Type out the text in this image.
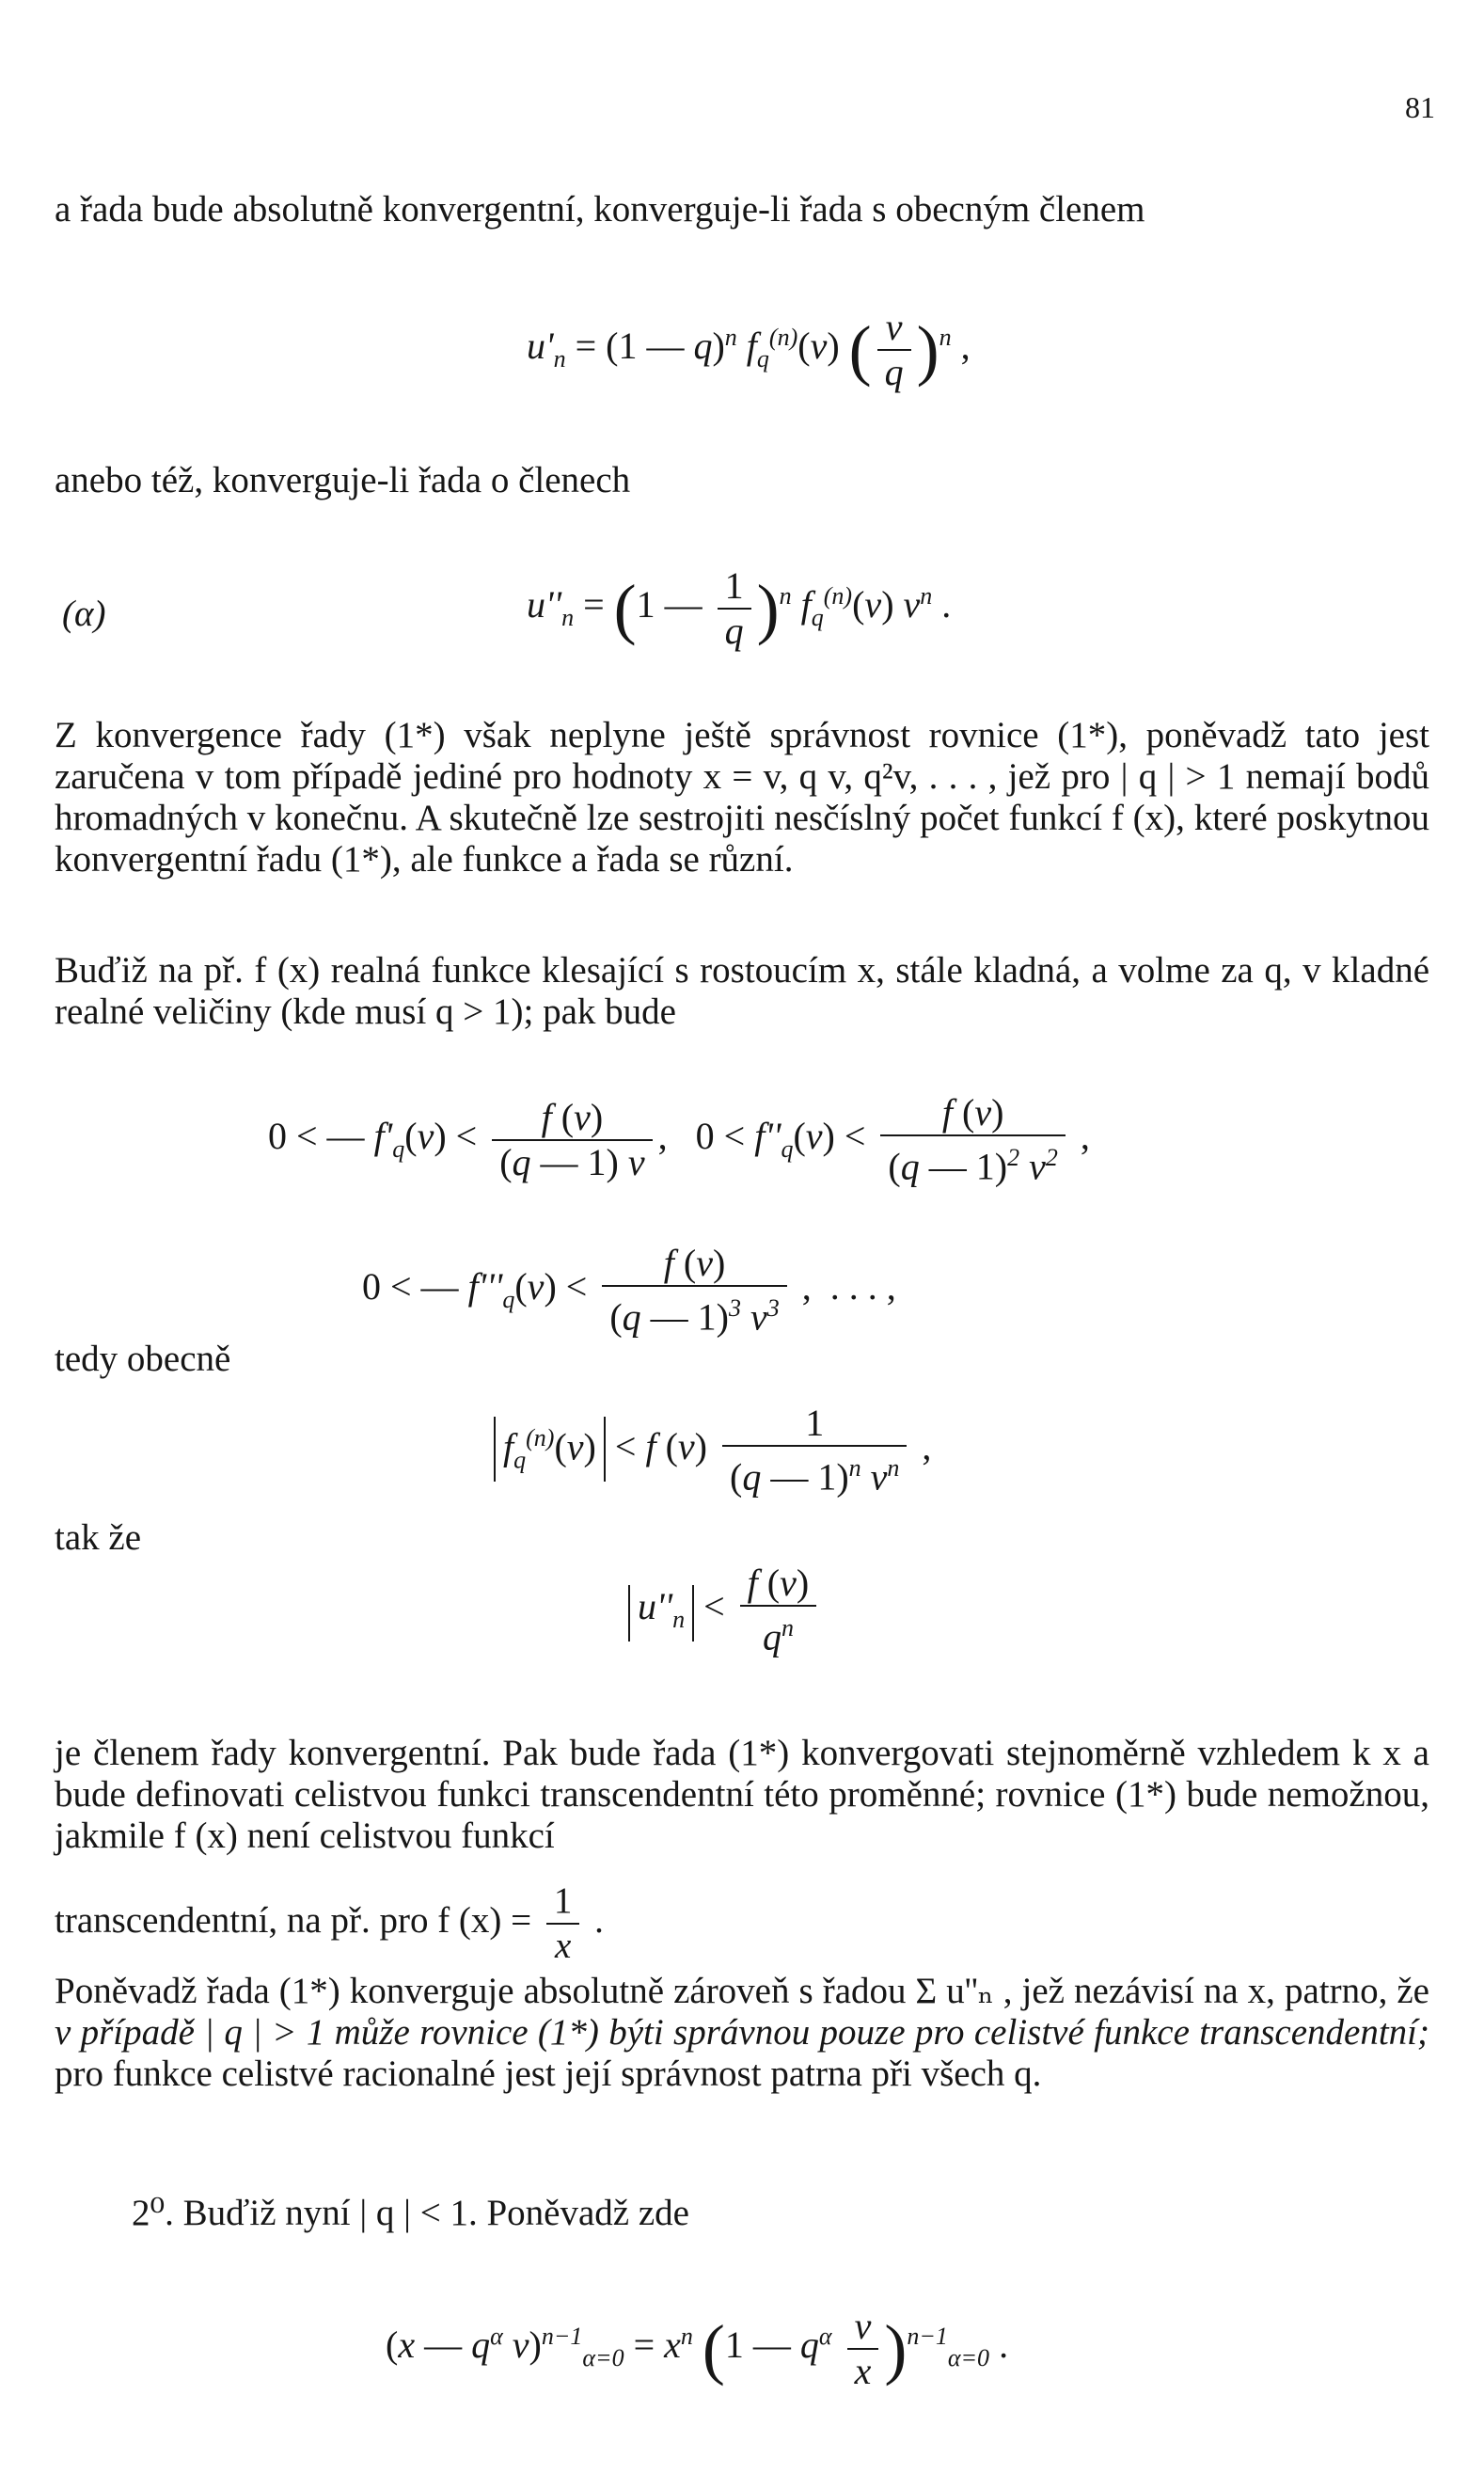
81
a řada bude absolutně konvergentní, konverguje-li řada s obecným členem
$u'_n = (1$ — q)$^n$ $f_q^{(n)}(v)$ ( $\frac{v}{q} )^n$ ,
anebo též, konverguje-li řada o členech
(α)	$u''_n = (1$ — $\frac{1}{q} )^n$ $f_q^{(n)}(v)$ $v^n$ .
Z konvergence řady (1*) však neplyne ještě správnost rovnice (1*), poněvadž tato jest zaručena v tom případě jediné pro hodnoty x = v, q v, q²v, . . . , jež pro | q | > 1 nemají bodů hromadných v konečnu. A skutečně lze sestrojiti nesčíslný počet funkcí f (x), které poskytnou konvergentní řadu (1*), ale funkce a řada se různí.
Buďiž na př. f (x) realná funkce klesající s rostoucím x, stále kladná, a volme za q, v kladné realné veličiny (kde musí q > 1); pak bude
0 < — $f'_q(v) < \frac{f (v)}{(q — 1) v}$ ,   $0 < f''_q(v) < \frac{f (v)}{(q — 1)^2 v^2}$ ,
0 < — $f'''_q(v) < \frac{f (v)}{(q — 1)^3 v^3}$ ,  . . . ,
tedy obecně
$f_q^{(n)}(v) < f$ $(v) \frac{1}{(q — 1)^n v^n}$ ,
tak že
$u''_n < \frac{f (v)}{q^n}$
je členem řady konvergentní. Pak bude řada (1*) konvergovati stejnoměrně vzhledem k x a bude definovati celistvou funkci transcendentní této proměnné; rovnice (1*) bude nemožnou, jakmile f (x) není celistvou funkcí
transcendentní, na př. pro f $(x) = \frac{1}{x}$ .
Poněvadž řada (1*) konverguje absolutně zároveň s řadou Σ u''ₙ , jež nezávisí na x, patrno, že v případě | q | > 1 může rovnice (1*) býti správnou pouze pro celistvé funkce transcendentní; pro funkce celistvé racionalné jest její správnost patrna při všech q.
2⁰. Buďiž nyní | q | < 1. Poněvadž zde
(x — $q^\alpha$ $v)^{n-1}_{\alpha=0} = x^n$ (1 — $q^\alpha \frac{v}{x} )^{n-1}_{\alpha=0}$ .
